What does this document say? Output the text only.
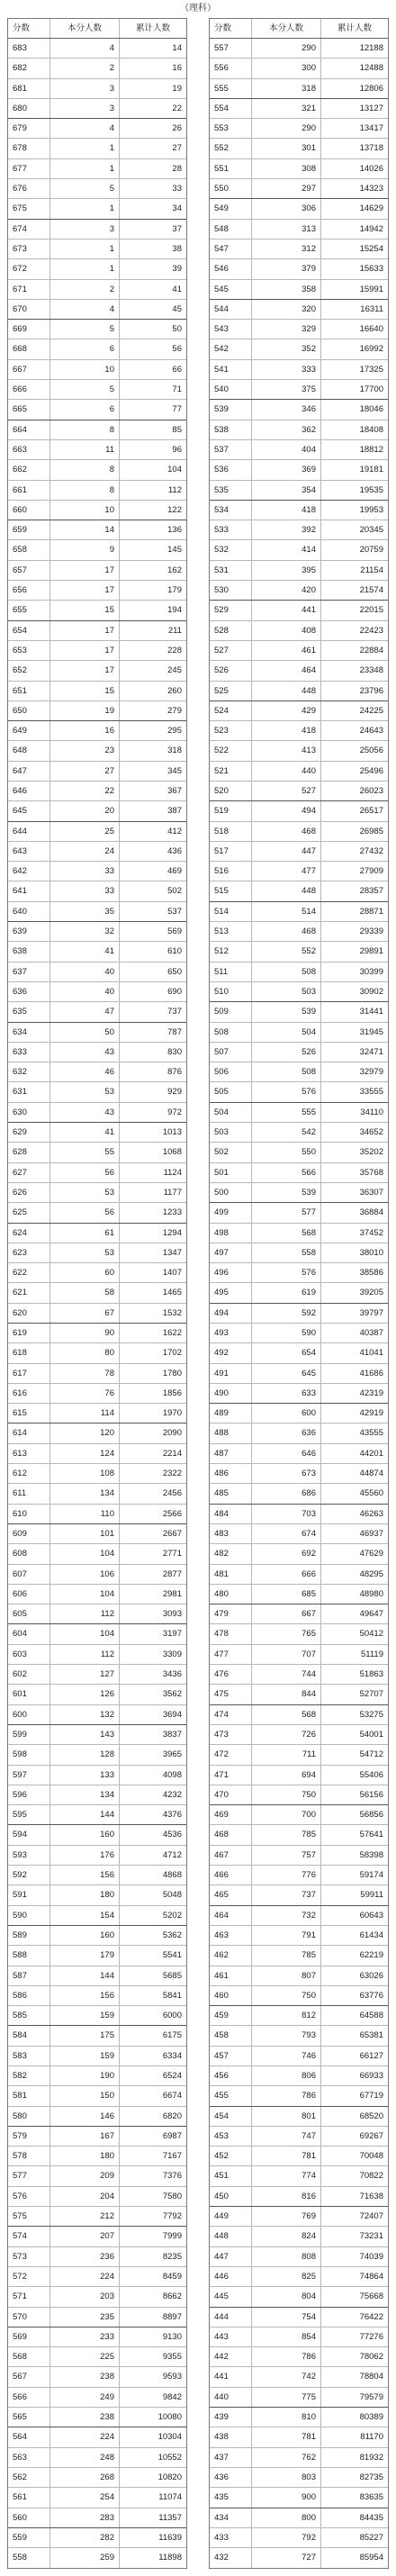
（理科）
分数	本分人数	累计人数
683	4	14
682	2	16
681	3	19
680	3	22
679	4	26
678	1	27
677	1	28
676	5	33
675	1	34
674	3	37
673	1	38
672	1	39
671	2	41
670	4	45
669	5	50
668	6	56
667	10	66
666	5	71
665	6	77
664	8	85
663	11	96
662	8	104
661	8	112
660	10	122
659	14	136
658	9	145
657	17	162
656	17	179
655	15	194
654	17	211
653	17	228
652	17	245
651	15	260
650	19	279
649	16	295
648	23	318
647	27	345
646	22	367
645	20	387
644	25	412
643	24	436
642	33	469
641	33	502
640	35	537
639	32	569
638	41	610
637	40	650
636	40	690
635	47	737
634	50	787
633	43	830
632	46	876
631	53	929
630	43	972
629	41	1013
628	55	1068
627	56	1124
626	53	1177
625	56	1233
624	61	1294
623	53	1347
622	60	1407
621	58	1465
620	67	1532
619	90	1622
618	80	1702
617	78	1780
616	76	1856
615	114	1970
614	120	2090
613	124	2214
612	108	2322
611	134	2456
610	110	2566
609	101	2667
608	104	2771
607	106	2877
606	104	2981
605	112	3093
604	104	3197
603	112	3309
602	127	3436
601	126	3562
600	132	3694
599	143	3837
598	128	3965
597	133	4098
596	134	4232
595	144	4376
594	160	4536
593	176	4712
592	156	4868
591	180	5048
590	154	5202
589	160	5362
588	179	5541
587	144	5685
586	156	5841
585	159	6000
584	175	6175
583	159	6334
582	190	6524
581	150	6674
580	146	6820
579	167	6987
578	180	7167
577	209	7376
576	204	7580
575	212	7792
574	207	7999
573	236	8235
572	224	8459
571	203	8662
570	235	8897
569	233	9130
568	225	9355
567	238	9593
566	249	9842
565	238	10080
564	224	10304
563	248	10552
562	268	10820
561	254	11074
560	283	11357
559	282	11639
558	259	11898
分数	本分人数	累计人数
557	290	12188
556	300	12488
555	318	12806
554	321	13127
553	290	13417
552	301	13718
551	308	14026
550	297	14323
549	306	14629
548	313	14942
547	312	15254
546	379	15633
545	358	15991
544	320	16311
543	329	16640
542	352	16992
541	333	17325
540	375	17700
539	346	18046
538	362	18408
537	404	18812
536	369	19181
535	354	19535
534	418	19953
533	392	20345
532	414	20759
531	395	21154
530	420	21574
529	441	22015
528	408	22423
527	461	22884
526	464	23348
525	448	23796
524	429	24225
523	418	24643
522	413	25056
521	440	25496
520	527	26023
519	494	26517
518	468	26985
517	447	27432
516	477	27909
515	448	28357
514	514	28871
513	468	29339
512	552	29891
511	508	30399
510	503	30902
509	539	31441
508	504	31945
507	526	32471
506	508	32979
505	576	33555
504	555	34110
503	542	34652
502	550	35202
501	566	35768
500	539	36307
499	577	36884
498	568	37452
497	558	38010
496	576	38586
495	619	39205
494	592	39797
493	590	40387
492	654	41041
491	645	41686
490	633	42319
489	600	42919
488	636	43555
487	646	44201
486	673	44874
485	686	45560
484	703	46263
483	674	46937
482	692	47629
481	666	48295
480	685	48980
479	667	49647
478	765	50412
477	707	51119
476	744	51863
475	844	52707
474	568	53275
473	726	54001
472	711	54712
471	694	55406
470	750	56156
469	700	56856
468	785	57641
467	757	58398
466	776	59174
465	737	59911
464	732	60643
463	791	61434
462	785	62219
461	807	63026
460	750	63776
459	812	64588
458	793	65381
457	746	66127
456	806	66933
455	786	67719
454	801	68520
453	747	69267
452	781	70048
451	774	70822
450	816	71638
449	769	72407
448	824	73231
447	808	74039
446	825	74864
445	804	75668
444	754	76422
443	854	77276
442	786	78062
441	742	78804
440	775	79579
439	810	80389
438	781	81170
437	762	81932
436	803	82735
435	900	83635
434	800	84435
433	792	85227
432	727	85954
